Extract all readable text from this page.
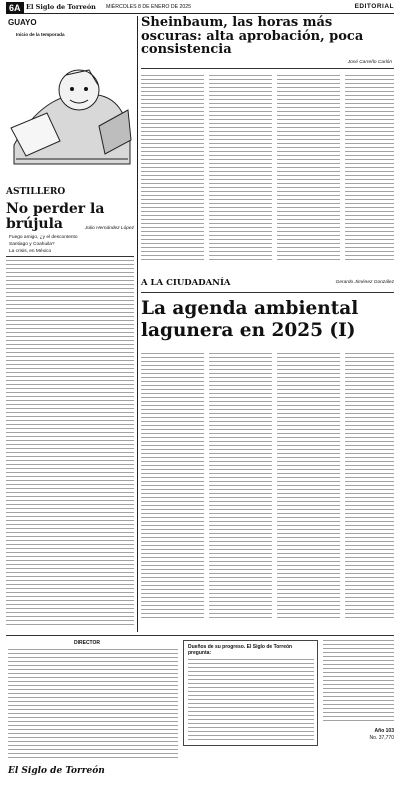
6A El Siglo de Torreón MIÉRCOLES 8 DE ENERO DE 2025	EDITORIAL
GUAYO
Inicio de la temporada
Sheinbaum, las horas más oscuras: alta aprobación, poca consistencia
José Carreño Carlón
ASTILLERO
No perder la brújula	Julio Hernández López
Fuego amigo, ¿y el descontento
Santiago y Coahuila?
La crisis, en México
A LA CIUDADANÍA	Gerardo Jiménez González
La agenda ambiental lagunera en 2025 (I)
DIRECTOR
Dueños de su progreso. El Siglo de Torreón pregunta:
Año 103
No. 37,770
El Siglo de Torreón
